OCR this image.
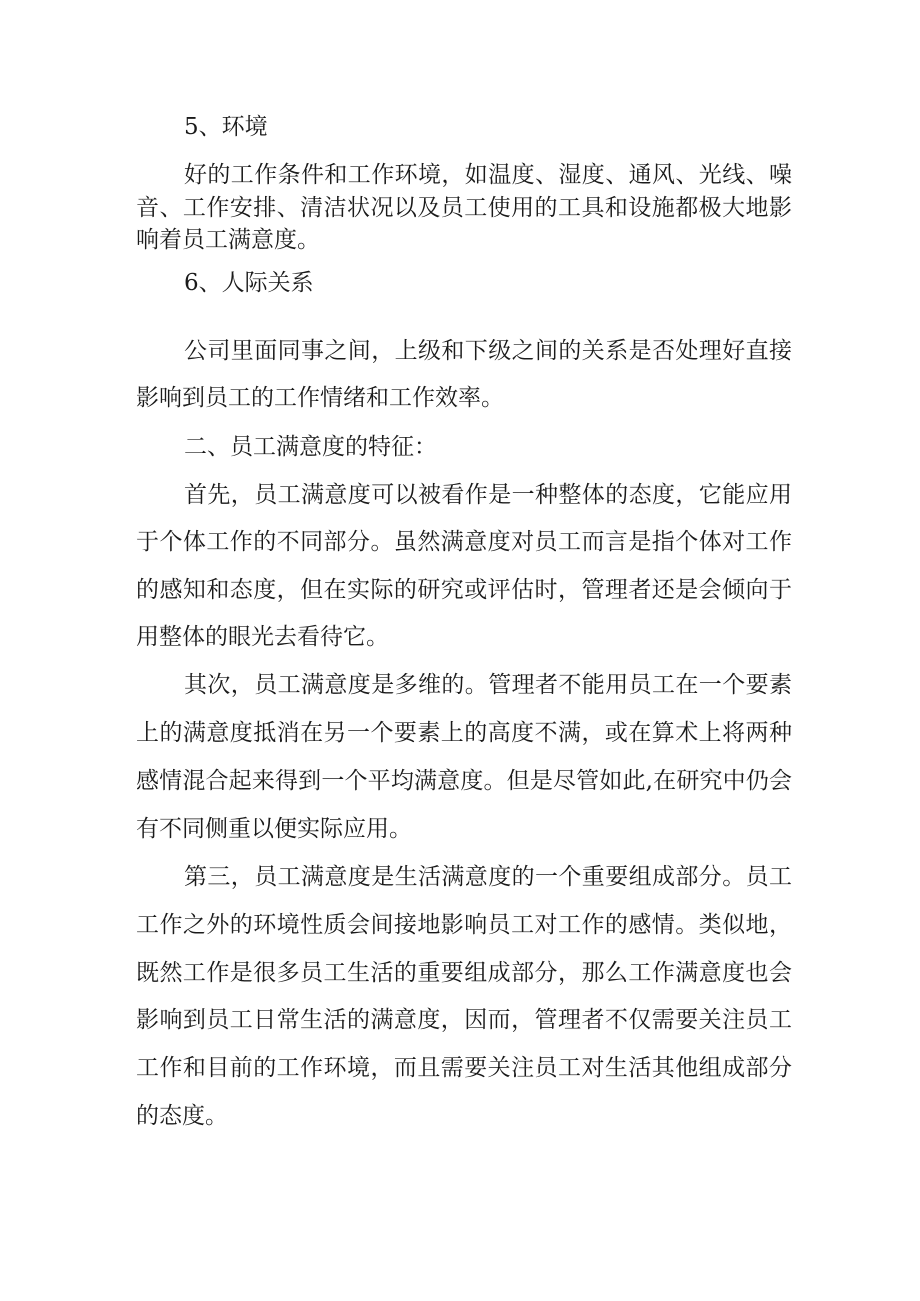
5、环境
好的工作条件和工作环境，如温度、湿度、通风、光线、噪
音、工作安排、清洁状况以及员工使用的工具和设施都极大地影
响着员工满意度。
6、人际关系
公司里面同事之间，上级和下级之间的关系是否处理好直接
影响到员工的工作情绪和工作效率。
二、员工满意度的特征：
首先，员工满意度可以被看作是一种整体的态度，它能应用
于个体工作的不同部分。虽然满意度对员工而言是指个体对工作
的感知和态度，但在实际的研究或评估时，管理者还是会倾向于
用整体的眼光去看待它。
其次，员工满意度是多维的。管理者不能用员工在一个要素
上的满意度抵消在另一个要素上的高度不满，或在算术上将两种
感情混合起来得到一个平均满意度。但是尽管如此,在研究中仍会
有不同侧重以便实际应用。
第三，员工满意度是生活满意度的一个重要组成部分。员工
工作之外的环境性质会间接地影响员工对工作的感情。类似地，
既然工作是很多员工生活的重要组成部分，那么工作满意度也会
影响到员工日常生活的满意度，因而，管理者不仅需要关注员工
工作和目前的工作环境，而且需要关注员工对生活其他组成部分
的态度。
